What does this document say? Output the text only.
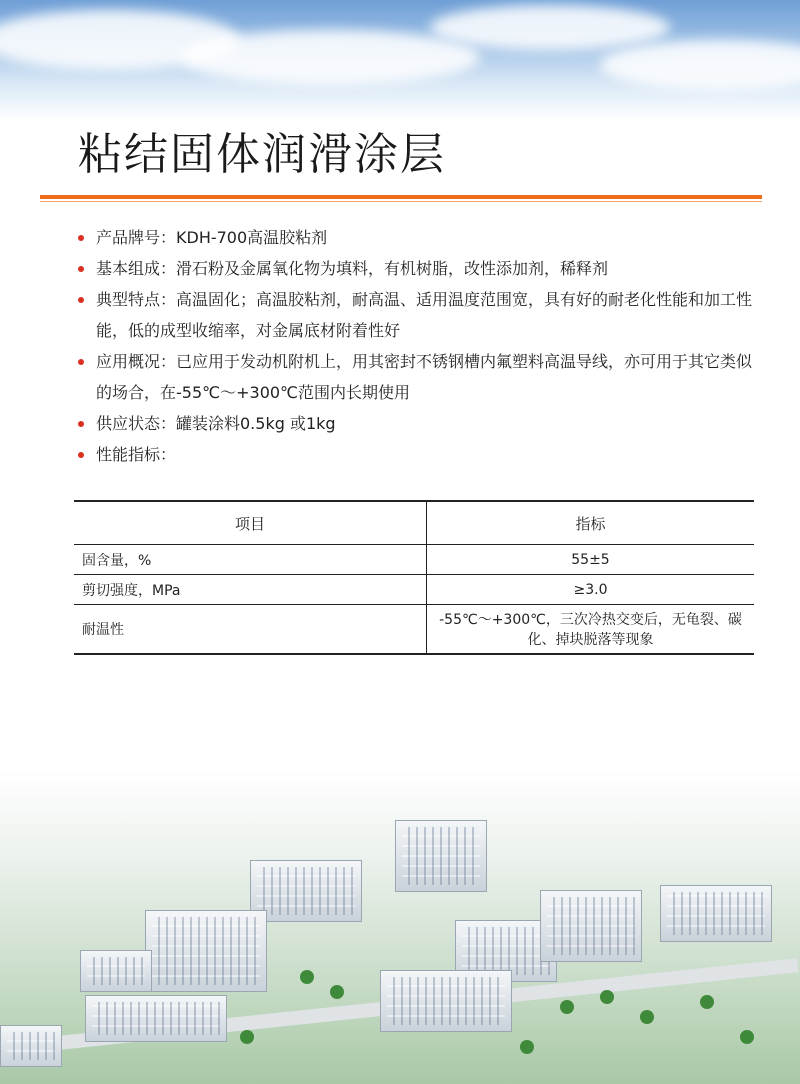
粘结固体润滑涂层
产品牌号：KDH-700高温胶粘剂
基本组成：滑石粉及金属氧化物为填料，有机树脂，改性添加剂，稀释剂
典型特点：高温固化；高温胶粘剂，耐高温、适用温度范围宽，具有好的耐老化性能和加工性能，低的成型收缩率，对金属底材附着性好
应用概况：已应用于发动机附机上，用其密封不锈钢槽内氟塑料高温导线，亦可用于其它类似的场合，在-55℃～+300℃范围内长期使用
供应状态：罐装涂料0.5kg 或1kg
性能指标：
项目	指标
固含量，%	55±5
剪切强度，MPa	≥3.0
耐温性	-55℃～+300℃，三次冷热交变后，无龟裂、碳化、掉块脱落等现象
